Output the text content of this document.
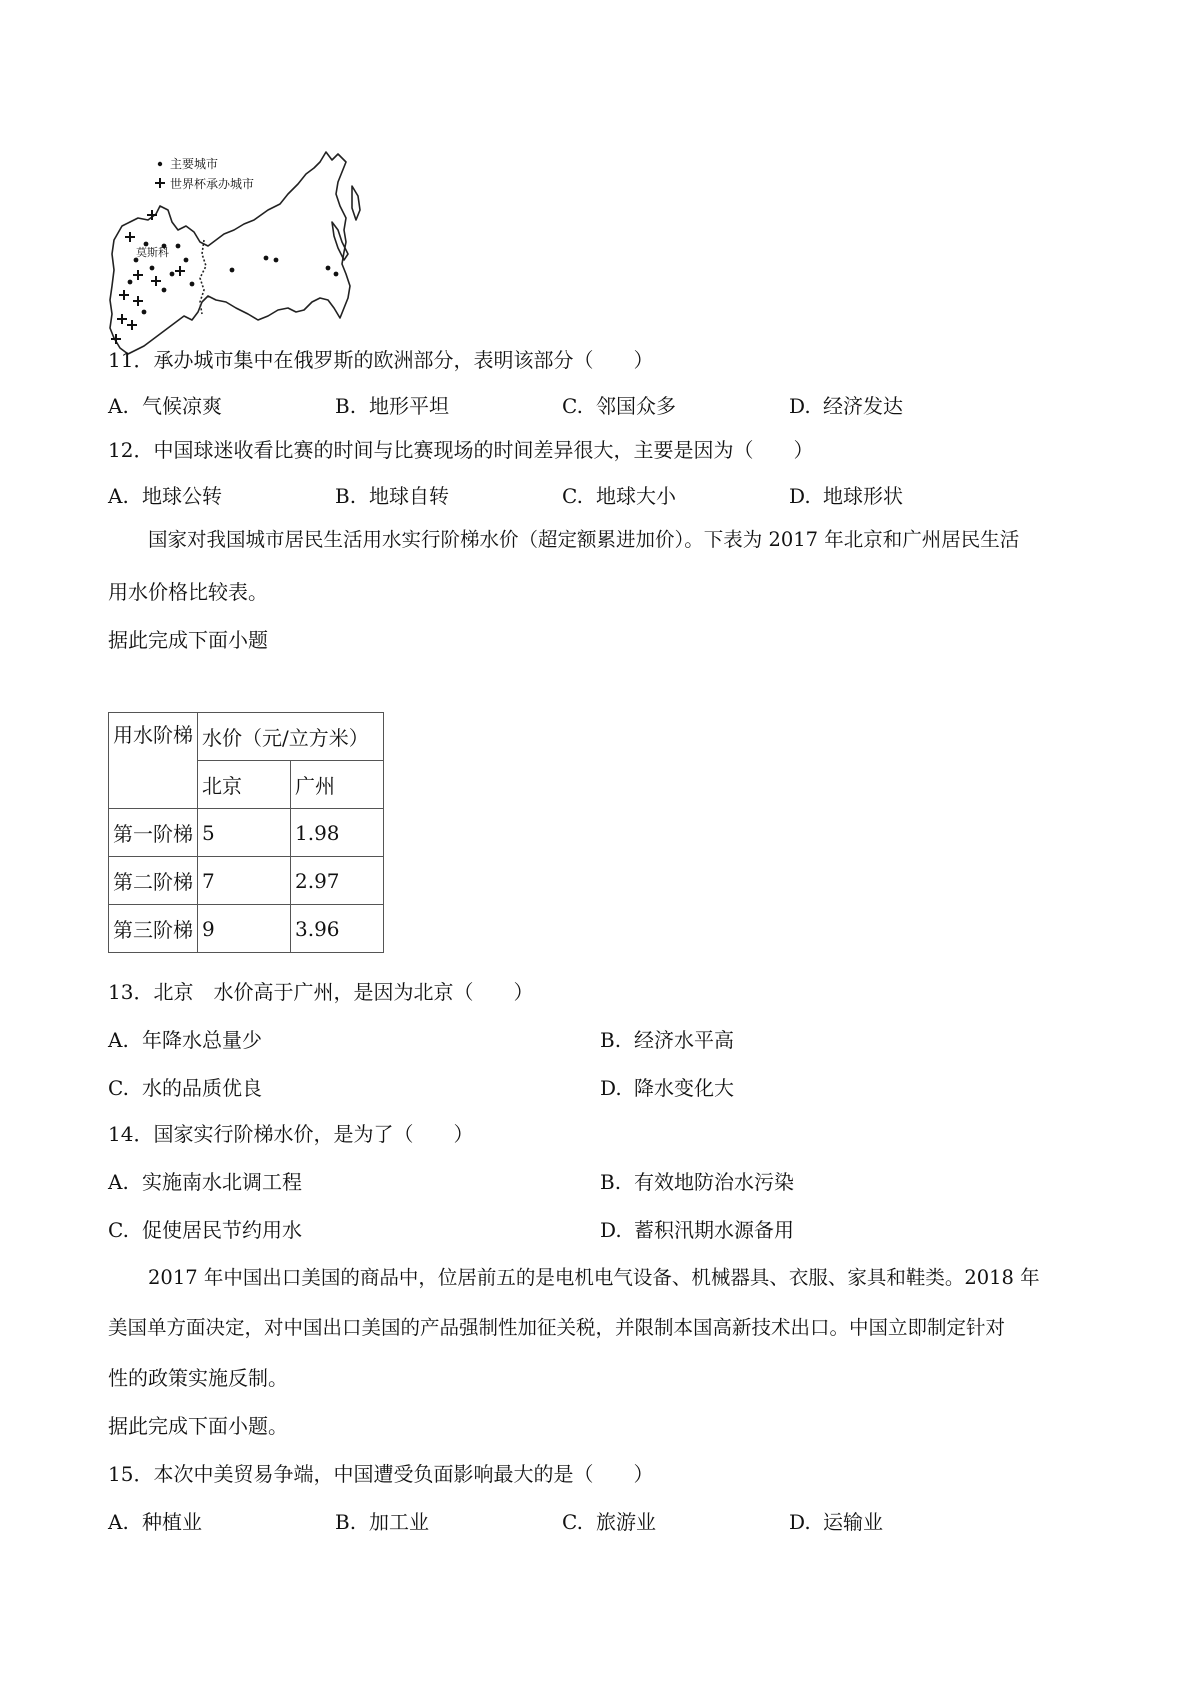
主要城市
世界杯承办城市
莫斯科
11．承办城市集中在俄罗斯的欧洲部分，表明该部分（　　）
A. 气候凉爽	B. 地形平坦	C. 邻国众多	D. 经济发达
12．中国球迷收看比赛的时间与比赛现场的时间差异很大，主要是因为（　　）
A. 地球公转	B. 地球自转	C. 地球大小	D. 地球形状
国家对我国城市居民生活用水实行阶梯水价（超定额累进加价）。下表为 2017 年北京和广州居民生活
用水价格比较表。
据此完成下面小题
用水阶梯	水价（元/立方米）	
	北京	广州
第一阶梯	5	1.98
第二阶梯	7	2.97
第三阶梯	9	3.96
13．北京　水价高于广州，是因为北京（　　）
A. 年降水总量少	B. 经济水平高
C. 水的品质优良	D. 降水变化大
14．国家实行阶梯水价，是为了（　　）
A. 实施南水北调工程	B. 有效地防治水污染
C. 促使居民节约用水	D. 蓄积汛期水源备用
2017 年中国出口美国的商品中，位居前五的是电机电气设备、机械器具、衣服、家具和鞋类。2018 年
美国单方面决定，对中国出口美国的产品强制性加征关税，并限制本国高新技术出口。中国立即制定针对
性的政策实施反制。
据此完成下面小题。
15．本次中美贸易争端，中国遭受负面影响最大的是（　　）
A. 种植业	B. 加工业	C. 旅游业	D. 运输业
